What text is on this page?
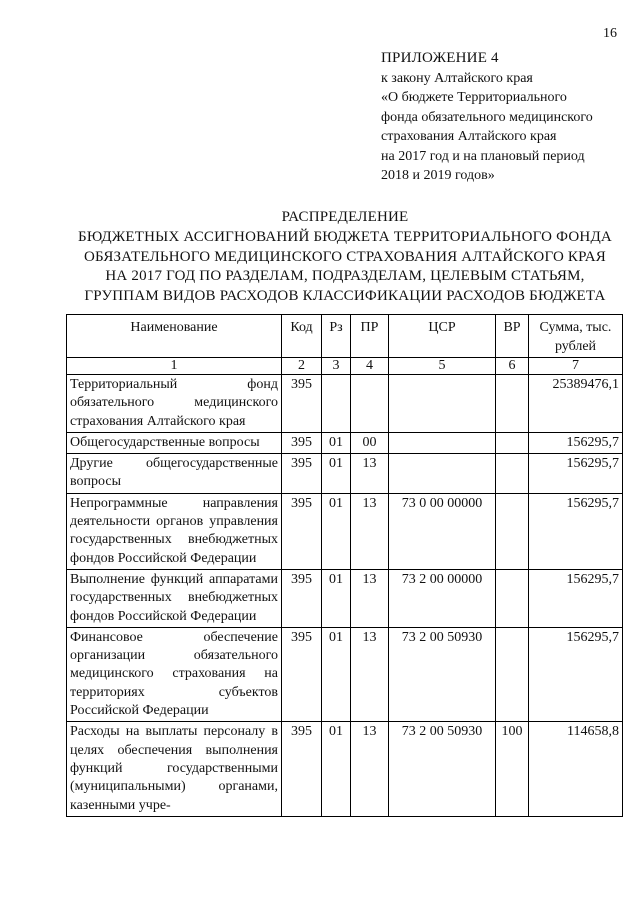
16
ПРИЛОЖЕНИЕ 4
к закону Алтайского края
«О бюджете Территориального
фонда обязательного медицинского
страхования Алтайского края
на 2017 год и на плановый период
2018 и 2019 годов»
РАСПРЕДЕЛЕНИЕ
БЮДЖЕТНЫХ АССИГНОВАНИЙ БЮДЖЕТА ТЕРРИТОРИАЛЬНОГО ФОНДА
ОБЯЗАТЕЛЬНОГО МЕДИЦИНСКОГО СТРАХОВАНИЯ АЛТАЙСКОГО КРАЯ
НА 2017 ГОД ПО РАЗДЕЛАМ, ПОДРАЗДЕЛАМ, ЦЕЛЕВЫМ СТАТЬЯМ,
ГРУППАМ ВИДОВ РАСХОДОВ КЛАССИФИКАЦИИ РАСХОДОВ БЮДЖЕТА
Наименование	Код	Рз	ПР	ЦСР	ВР	Сумма, тыс. рублей
1	2	3	4	5	6	7
Территориальный фонд обязательного медицинского страхования Алтайского края	395					25389476,1
Общегосударственные вопросы	395	01	00			156295,7
Другие общегосударственные вопросы	395	01	13			156295,7
Непрограммные направления деятельности органов управления государственных внебюджетных фондов Российской Федерации	395	01	13	73 0 00 00000		156295,7
Выполнение функций аппаратами государственных внебюджетных фондов Российской Федерации	395	01	13	73 2 00 00000		156295,7
Финансовое обеспечение организации обязательного медицинского страхования на территориях субъектов Российской Федерации	395	01	13	73 2 00 50930		156295,7
Расходы на выплаты персоналу в целях обеспечения выполнения функций государственными (муниципальными) органами, казенными учре-	395	01	13	73 2 00 50930	100	114658,8
